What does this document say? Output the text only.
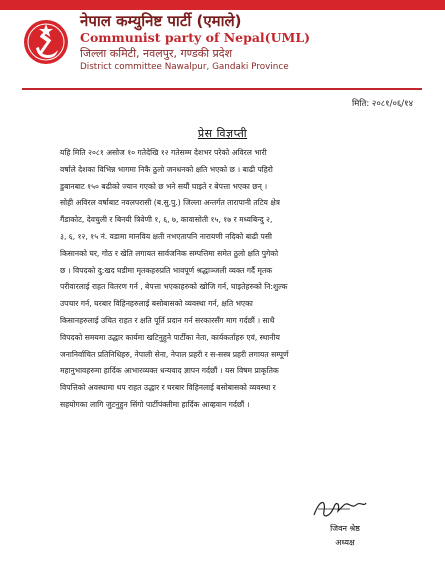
नेपाल कम्युनिष्ट पार्टी (एमाले)
Communist party of Nepal(UML)
जिल्ला कमिटी, नवलपुर, गण्डकी प्रदेश
District committee Nawalpur, Gandaki Province
मिति: २०८१/०६/१४
प्रेस विज्ञप्ती
यहि मिति २०८१ असोज १० गतेदेखि १२ गतेसम्म देशभर परेको अविरल भारी
वर्षाले देशका विभिन्न भागमा निकै ठुलो जनधनको क्षति भएको छ । बाढी पहिरो
डुबानबाट १५० बढीको ज्यान गएको छ भने सयौं घाइते र बेपत्ता भएका छन् ।
सोही अविरल वर्षाबाट नवलपरासी (ब.सु.पु.) जिल्ला अन्तर्गत तारापानी तटिय क्षेत्र
गैंडाकोट, देवचुली र बिनयी त्रिवेणी १, ६, ७, कावासोती १५, १७ र मध्यबिन्दु २,
३, ६, १२, १५ नं. वडामा मानविय क्षती नभएतापनि नारायणी नदिको बाढी पसी
किसानको घर, गोठ र खेति लगायत सार्वजनिक सम्पत्तिमा समेत ठुलो क्षति पुगेको
छ । विपदको दु:खद घडीमा मृतकहरुप्रति भावपूर्ण श्रद्धाञ्जली व्यक्त गर्दै मृतक
परीवारलाई राहत वितरण गर्न , बेपत्ता भएकाहरुको खोजि गर्न, घाइतेहरुको नि:शुल्क
उपचार गर्न, घरबार विहिनहरुलाई बसोबासको व्यवस्था गर्न, क्षति भएका
किसानहरुलाई उचित राहत र क्षति पूर्ति प्रदान गर्न सरकारसँग माग गर्दछौं । साथै
विपदको समयमा उद्धार कार्यमा खटिनुहुने पार्टीका नेता, कार्यकर्ताहरु एवं, स्थानीय
जनानिर्वाचित प्रतिनिधिहरु, नेपाली सेना, नेपाल प्रहरी र स-सस्त्र प्रहरी लगायत सम्पूर्ण
महानुभावहरुमा हार्दिक आभारव्यक्त धन्यवाद ज्ञापन गर्दछौं । यस विषम प्राकृतिक
विपत्तिको अवस्थामा थप राहत उद्धार र घरबार विहिनलाई बसोबासको व्यवस्था र
सहयोगका लागि जुटनुहुन सिंगो पार्टीपंक्तीमा हार्दिक आव्हवान गर्दछौं ।
जिवन श्रेष्ठ
अध्यक्ष
